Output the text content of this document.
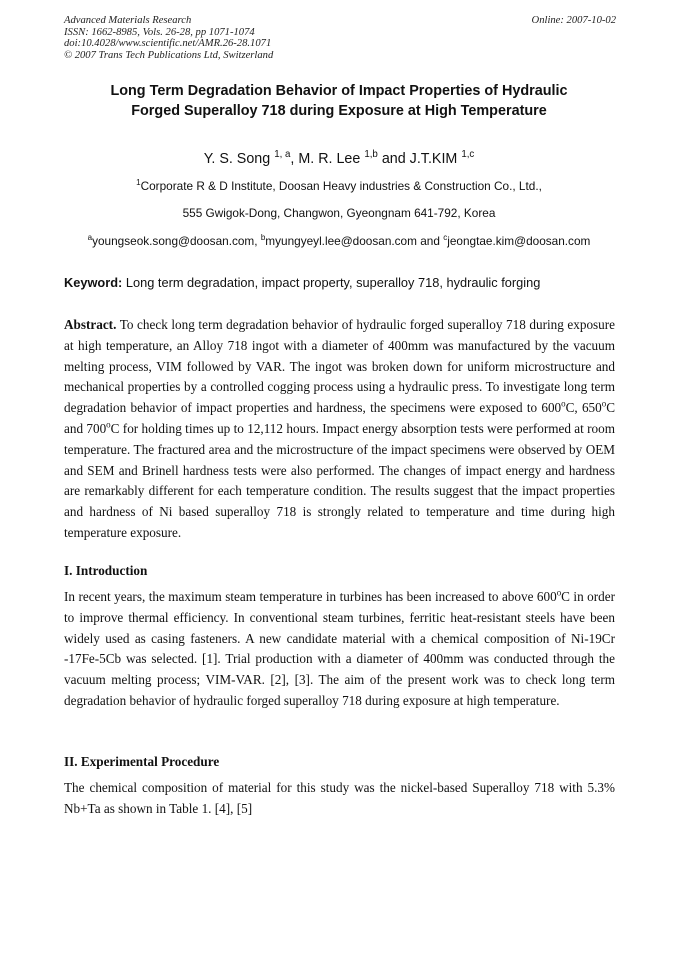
Advanced Materials Research
ISSN: 1662-8985, Vols. 26-28, pp 1071-1074
doi:10.4028/www.scientific.net/AMR.26-28.1071
© 2007 Trans Tech Publications Ltd, Switzerland
Online: 2007-10-02
Long Term Degradation Behavior of Impact Properties of Hydraulic
Forged Superalloy 718 during Exposure at High Temperature
Y. S. Song $^{1, a}$, M. R. Lee $^{1,b}$ and J.T.KIM $^{1,c}$
$^1$Corporate R & D Institute, Doosan Heavy industries & Construction Co., Ltd.,
555 Gwigok-Dong, Changwon, Gyeongnam 641-792, Korea
$^a$youngseok.song@doosan.com, $^b$myungyeyl.lee@doosan.com and $^c$jeongtae.kim@doosan.com
Keyword: Long term degradation, impact property, superalloy 718, hydraulic forging
Abstract. To check long term degradation behavior of hydraulic forged superalloy 718 during exposure at high temperature, an Alloy 718 ingot with a diameter of 400mm was manufactured by the vacuum melting process, VIM followed by VAR. The ingot was broken down for uniform microstructure and mechanical properties by a controlled cogging process using a hydraulic press. To investigate long term degradation behavior of impact properties and hardness, the specimens were exposed to 600$^o$C, 650$^o$C and 700$^o$C for holding times up to 12,112 hours. Impact energy absorption tests were performed at room temperature. The fractured area and the microstructure of the impact specimens were observed by OEM and SEM and Brinell hardness tests were also performed. The changes of impact energy and hardness are remarkably different for each temperature condition. The results suggest that the impact properties and hardness of Ni based superalloy 718 is strongly related to temperature and time during high temperature exposure.
I. Introduction
In recent years, the maximum steam temperature in turbines has been increased to above 600$^o$C in order to improve thermal efficiency. In conventional steam turbines, ferritic heat-resistant steels have been widely used as casing fasteners. A new candidate material with a chemical composition of Ni-19Cr -17Fe-5Cb was selected. [1]. Trial production with a diameter of 400mm was conducted through the vacuum melting process; VIM-VAR. [2], [3]. The aim of the present work was to check long term degradation behavior of hydraulic forged superalloy 718 during exposure at high temperature.
II. Experimental Procedure
The chemical composition of material for this study was the nickel-based Superalloy 718 with 5.3% Nb+Ta as shown in Table 1. [4], [5]
